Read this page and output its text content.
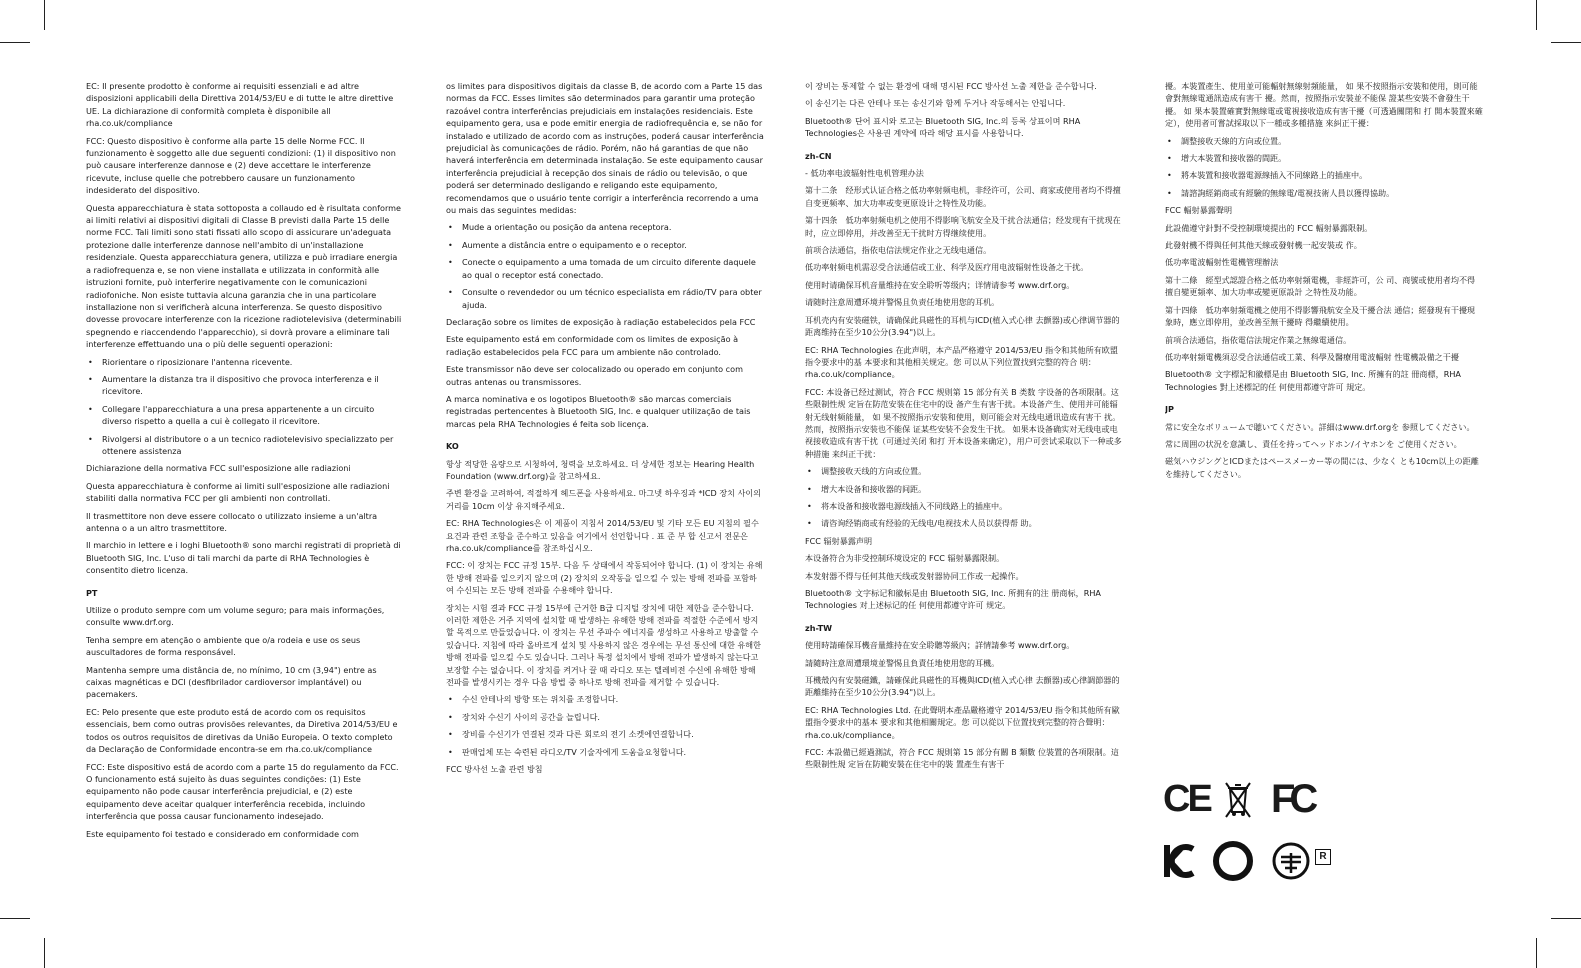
EC: Il presente prodotto è conforme ai requisiti essenziali e ad altre disposizioni applicabili della Direttiva 2014/53/EU e di tutte le altre direttive UE. La dichiarazione di conformità completa è disponibile all rha.co.uk/compliance

FCC: Questo dispositivo è conforme alla parte 15 delle Norme FCC. Il funzionamento è soggetto alle due seguenti condizioni: (1) il dispositivo non può causare interferenze dannose e (2) deve accettare le interferenze ricevute, incluse quelle che potrebbero causare un funzionamento indesiderato del dispositivo.

Questa apparecchiatura è stata sottoposta a collaudo ed è risultata conforme ai limiti relativi ai dispositivi digitali di Classe B previsti dalla Parte 15 delle norme FCC. Tali limiti sono stati fissati allo scopo di assicurare un'adeguata protezione dalle interferenze dannose nell'ambito di un'installazione residenziale. Questa apparecchiatura genera, utilizza e può irradiare energia a radiofrequenza e, se non viene installata e utilizzata in conformità alle istruzioni fornite, può interferire negativamente con le comunicazioni radiofoniche. Non esiste tuttavia alcuna garanzia che in una particolare installazione non si verificherà alcuna interferenza. Se questo dispositivo dovesse provocare interferenze con la ricezione radiotelevisiva (determinabili spegnendo e riaccendendo l'apparecchio), si dovrà provare a eliminare tali interferenze effettuando una o più delle seguenti operazioni:

• Riorientare o riposizionare l'antenna ricevente.
• Aumentare la distanza tra il dispositivo che provoca interferenza e il ricevitore.
• Collegare l'apparecchiatura a una presa appartenente a un circuito diverso rispetto a quella a cui è collegato il ricevitore.
• Rivolgersi al distributore o a un tecnico radiotelevisivo specializzato per ottenere assistenza

Dichiarazione della normativa FCC sull'esposizione alle radiazioni

Questa apparecchiatura è conforme ai limiti sull'esposizione alle radiazioni stabiliti dalla normativa FCC per gli ambienti non controllati.

Il trasmettitore non deve essere collocato o utilizzato insieme a un'altra antenna o a un altro trasmettitore.

Il marchio in lettere e i loghi Bluetooth® sono marchi registrati di proprietà di Bluetooth SIG, Inc. L'uso di tali marchi da parte di RHA Technologies è consentito dietro licenza.

PT

Utilize o produto sempre com um volume seguro; para mais informações, consulte www.drf.org.

Tenha sempre em atenção o ambiente que o/a rodeia e use os seus auscultadores de forma responsável.

Mantenha sempre uma distância de, no mínimo, 10 cm (3,94") entre as caixas magnéticas e DCI (desfibrilador cardioversor implantável) ou pacemakers.

EC: Pelo presente que este produto está de acordo com os requisitos essenciais, bem como outras provisões relevantes, da Diretiva 2014/53/EU e todos os outros requisitos de diretivas da União Europeia. O texto completo da Declaração de Conformidade encontra-se em rha.co.uk/compliance

FCC: Este dispositivo está de acordo com a parte 15 do regulamento da FCC. O funcionamento está sujeito às duas seguintes condições: (1) Este equipamento não pode causar interferência prejudicial, e (2) este equipamento deve aceitar qualquer interferência recebida, incluindo interferência que possa causar funcionamento indesejado.

Este equipamento foi testado e considerado em conformidade com

os limites para dispositivos digitais da classe B, de acordo com a Parte 15 das normas da FCC. Esses limites são determinados para garantir uma proteção razoável contra interferências prejudiciais em instalações residenciais. Este equipamento gera, usa e pode emitir energia de radiofrequência e, se não for instalado e utilizado de acordo com as instruções, poderá causar interferência prejudicial às comunicações de rádio. Porém, não há garantias de que não haverá interferência em determinada instalação. Se este equipamento causar interferência prejudicial à recepção dos sinais de rádio ou televisão, o que poderá ser determinado desligando e religando este equipamento, recomendamos que o usuário tente corrigir a interferência recorrendo a uma ou mais das seguintes medidas:

• Mude a orientação ou posição da antena receptora.
• Aumente a distância entre o equipamento e o receptor.
• Conecte o equipamento a uma tomada de um circuito diferente daquele ao qual o receptor está conectado.
• Consulte o revendedor ou um técnico especialista em rádio/TV para obter ajuda.

Declaração sobre os limites de exposição à radiação estabelecidos pela FCC

Este equipamento está em conformidade com os limites de exposição à radiação estabelecidos pela FCC para um ambiente não controlado.

Este transmissor não deve ser colocalizado ou operado em conjunto com outras antenas ou transmissores.

A marca nominativa e os logotipos Bluetooth® são marcas comerciais registradas pertencentes à Bluetooth SIG, Inc. e qualquer utilização de tais marcas pela RHA Technologies é feita sob licença.

KO

항상 적당한 음량으로 시청하여, 청력을 보호하세요. 더 상세한 정보는 Hearing Health Foundation (www.drf.org)을 참고하세요.

주변 환경을 고려하여, 적절하게 헤드폰을 사용하세요. 마그넷 하우징과 *ICD 장치 사이의 거리를 10cm 이상 유지해주세요.

EC: RHA Technologies은 이 제품이 지침서 2014/53/EU 및 기타 모든 EU 지침의 필수 요건과 관련 조항을 준수하고 있음을 여기에서 선언합니다 . 표 준 부 합 신고서 전문은 rha.co.uk/compliance를 참조하십시오.

FCC: 이 장치는 FCC 규정 15부. 다음 두 상태에서 작동되어야 합니다. (1) 이 장치는 유해한 방해 전파를 일으키지 않으며 (2) 장치의 오작동을 일으킬 수 있는 방해 전파를 포함하여 수신되는 모든 방해 전파를 수용해야 합니다.

장치는 시험 결과 FCC 규정 15부에 근거한 B급 디지털 장치에 대한 제한을 준수합니다. 이러한 제한은 거주 지역에 설치할 때 발생하는 유해한 방해 전파를 적절한 수준에서 방지할 목적으로 만들었습니다. 이 장치는 무선 주파수 에너지를 생성하고 사용하고 방출할 수 있습니다. 지침에 따라 올바르게 설치 및 사용하지 않은 경우에는 무선 통신에 대한 유해한 방해 전파를 일으킬 수도 있습니다. 그러나 특정 설치에서 방해 전파가 발생하지 않는다고 보장할 수는 없습니다. 이 장치를 켜거나 끌 때 라디오 또는 텔레비전 수신에 유해한 방해 전파를 발생시키는 경우 다음 방법 중 하나로 방해 전파를 제거할 수 있습니다.

• 수신 안테나의 방향 또는 위치를 조정합니다.
• 장치와 수신기 사이의 공간을 늘립니다.
• 장비를 수신기가 연결된 것과 다른 회로의 전기 소켓에연결합니다.
• 판매업체 또는 숙련된 라디오/TV 기술자에게 도움을요청합니다.

FCC 방사선 노출 관련 방침

이 장비는 통제할 수 없는 환경에 대해 명시된 FCC 방사선 노출 제한을 준수합니다.

이 송신기는 다른 안테나 또는 송신기와 함께 두거나 작동해서는 안됩니다.

Bluetooth® 단어 표시와 로고는 Bluetooth SIG, Inc.의 등록 상표이며 RHA Technologies은 사용권 계약에 따라 해당 표시를 사용합니다.

zh-CN

- 低功率电波辐射性电机管理办法

第十二条　经形式认证合格之低功率射频电机，非经许可，公司、商家或使用者均不得擅自变更频率、加大功率或变更原设计之特性及功能。

第十四条　低功率射频电机之使用不得影响飞航安全及干扰合法通信；经发现有干扰现在时，应立即停用，并改善至无干扰时方得继续使用。

前项合法通信，指依电信法规定作业之无线电通信。

低功率射频电机需忍受合法通信或工业、科学及医疗用电波辐射性设备之干扰。

使用时请确保耳机音量维持在安全聆听等级内；详情请参考 www.drf.org。

请随时注意周遭环境并警惕且负责任地使用您的耳机。

耳机壳内有安装磁铁，请确保此具磁性的耳机与ICD(植入式心律 去颤器)或心律调节器的距离维持在至少10公分(3.94")以上。

EC: RHA Technologies 在此声明，本产品严格遵守 2014/53/EU 指令和其他所有欧盟指令要求中的基 本要求和其他相关规定。您 可以从下列位置找到完整的符合 明：rha.co.uk/compliance。

FCC: 本设备已经过测试，符合 FCC 规则第 15 部分有关 B 类数 字设备的各项限制。这些限制性规 定旨在防范安装在住宅中的设 备产生有害干扰。本设备产生、使用并可能辐射无线射频能量， 如 果不按照指示安装和使用，则可能会对无线电通讯造成有害干 扰。然而，按照指示安装也不能保 证某些安装不会发生干扰。 如果本设备确实对无线电或电视接收造成有害干扰（可通过关闭 和打 开本设备来确定），用户可尝试采取以下一种或多种措施 来纠正干扰：

• 调整接收天线的方向或位置。
• 增大本设备和接收器的间距。
• 将本设备和接收器电源线插入不同线路上的插座中。
• 请咨询经销商或有经验的无线电/电视技术人员以获得帮 助。

FCC 辐射暴露声明

本设备符合为非受控制环境设定的 FCC 辐射暴露限制。

本发射器不得与任何其他天线或发射器协同工作或一起操作。

Bluetooth® 文字标记和徽标是由 Bluetooth SIG, Inc. 所拥有的注 册商标，RHA Technologies 对上述标记的任 何使用都遵守许可 规定。

zh-TW

使用時請確保耳機音量維持在安全聆聽等級內；詳情請參考 www.drf.org。

請隨時注意周遭環境並警惕且負責任地使用您的耳機。

耳機殼內有安裝磁鐵，請確保此具磁性的耳機與ICD(植入式心律 去顫器)或心律調節器的距離維持在至少10公分(3.94")以上。

EC: RHA Technologies Ltd. 在此聲明本產品嚴格遵守 2014/53/EU 指令和其他所有歐盟指令要求中的基本 要求和其他相關規定。您 可以從以下位置找到完整的符合聲明：rha.co.uk/compliance。

FCC: 本設備已經過測試，符合 FCC 規則第 15 部分有關 B 類數 位裝置的各項限制。這些限制性規 定旨在防範安裝在住宅中的裝 置產生有害干

擾。本裝置產生、使用並可能輻射無線射頻能量， 如 果不按照指示安裝和使用，則可能會對無線電通訊造成有害干 擾。然而，按照指示安裝並不能保 證某些安裝不會發生干擾。 如 果本裝置確實對無線電或電視接收造成有害干擾（可透過關閉和 打 開本裝置來確定），使用者可嘗試採取以下一種或多種措施 來糾正干擾：

• 調整接收天線的方向或位置。
• 增大本裝置和接收器的間距。
• 將本裝置和接收器電源線插入不同線路上的插座中。
• 請諮詢經銷商或有經驗的無線電/電視技術人員以獲得協助。

FCC 輻射暴露聲明

此設備遵守針對不受控制環境提出的 FCC 輻射暴露限制。

此發射機不得與任何其他天線或發射機一起安裝或 作。

低功率電波輻射性電機管理辦法

第十二條　經型式認證合格之低功率射頻電機，非經許可，公 司、商號或使用者均不得擅自變更頻率、加大功率或變更原設計 之特性及功能。

第十四條　低功率射頻電機之使用不得影響飛航安全及干擾合法 通信；經發現有干擾現象時，應立即停用，並改善至無干擾時 得繼續使用。

前項合法通信，指依電信法規定作業之無線電通信。

低功率射頻電機須忍受合法通信或工業、科學及醫療用電波輻射 性電機設備之干擾

Bluetooth® 文字標記和徽標是由 Bluetooth SIG, Inc. 所擁有的註 冊商標，RHA Technologies 對上述標記的任 何使用都遵守許可 規定。

JP

常に安全なボリュームで聴いてください。詳細はwww.drf.orgを 参照してください。

常に周囲の状況を意識し、責任を持ってヘッドホン/イヤホンを ご使用ください。

磁気ハウジングとICDまたはペースメーカー等の間には、少なく とも10cm以上の距離を維持してください。

CE FC
R
